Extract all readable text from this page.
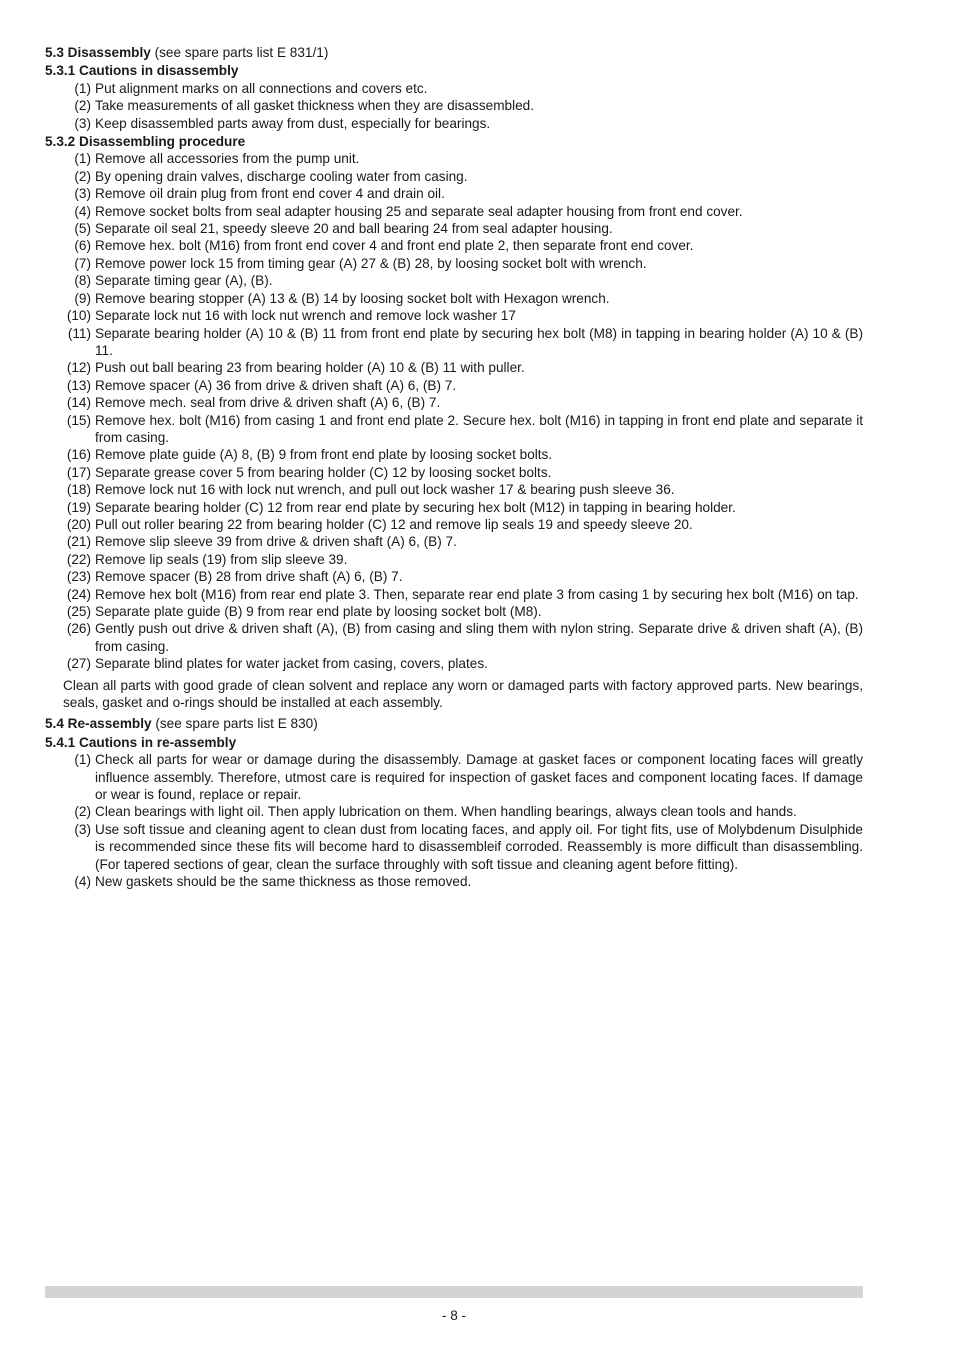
5.3 Disassembly (see spare parts list E 831/1)

5.3.1 Cautions in disassembly

(1) Put alignment marks on all connections and covers etc.
(2) Take measurements of all gasket thickness when they are disassembled.
(3) Keep disassembled parts away from dust, especially for bearings.

5.3.2 Disassembling procedure

(1) Remove all accessories from the pump unit.
(2) By opening drain valves, discharge cooling water from casing.
(3) Remove oil drain plug from front end cover 4 and drain oil.
(4) Remove socket bolts from seal adapter housing 25 and separate seal adapter housing from front end cover.
(5) Separate oil seal 21, speedy sleeve 20 and ball bearing 24 from seal adapter housing.
(6) Remove hex. bolt (M16) from front end cover 4 and front end plate 2, then separate front end cover.
(7) Remove power lock 15 from timing gear (A) 27 & (B) 28, by loosing socket bolt with wrench.
(8) Separate timing gear (A), (B).
(9) Remove bearing stopper (A) 13 & (B) 14 by loosing socket bolt with Hexagon wrench.
(10) Separate lock nut 16 with lock nut wrench and remove lock washer 17
(11) Separate bearing holder (A) 10 & (B) 11 from front end plate by securing hex bolt (M8) in tapping in bearing holder (A) 10 & (B) 11.
(12) Push out ball bearing 23 from bearing holder (A) 10 & (B) 11 with puller.
(13) Remove spacer (A) 36 from drive & driven shaft (A) 6, (B) 7.
(14) Remove mech. seal from drive & driven shaft (A) 6, (B) 7.
(15) Remove hex. bolt (M16) from casing 1 and front end plate 2. Secure hex. bolt (M16) in tapping in front end plate and separate it from casing.
(16) Remove plate guide (A) 8, (B) 9 from front end plate by loosing socket bolts.
(17) Separate grease cover 5 from bearing holder (C) 12 by loosing socket bolts.
(18) Remove lock nut 16 with lock nut wrench, and pull out lock washer 17 & bearing push sleeve 36.
(19) Separate bearing holder (C) 12 from rear end plate by securing hex bolt (M12) in tapping in bearing holder.
(20) Pull out roller bearing 22 from bearing holder (C) 12 and remove lip seals 19 and speedy sleeve 20.
(21) Remove slip sleeve 39 from drive & driven shaft (A) 6, (B) 7.
(22) Remove lip seals (19) from slip sleeve 39.
(23) Remove spacer (B) 28 from drive shaft (A) 6, (B) 7.
(24) Remove hex bolt (M16) from rear end plate 3. Then, separate rear end plate 3 from casing 1 by securing hex bolt (M16) on tap.
(25) Separate plate guide (B) 9 from rear end plate by loosing socket bolt (M8).
(26) Gently push out drive & driven shaft (A), (B) from casing and sling them with nylon string. Separate drive & driven shaft (A), (B) from casing.
(27) Separate blind plates for water jacket from casing, covers, plates.

Clean all parts with good grade of clean solvent and replace any worn or damaged parts with factory approved parts. New bearings, seals, gasket and o-rings should be installed at each assembly.

5.4 Re-assembly (see spare parts list E 830)

5.4.1 Cautions in re-assembly

(1) Check all parts for wear or damage during the disassembly. Damage at gasket faces or component locating faces will greatly influence assembly. Therefore, utmost care is required for inspection of gasket faces and component locating faces. If damage or wear is found, replace or repair.
(2) Clean bearings with light oil. Then apply lubrication on them. When handling bearings, always clean tools and hands.
(3) Use soft tissue and cleaning agent to clean dust from locating faces, and apply oil. For tight fits, use of Molybdenum Disulphide is recommended since these fits will become hard to disassembleif corroded. Reassembly is more difficult than disassembling. (For tapered sections of gear, clean the surface throughly with soft tissue and cleaning agent before fitting).
(4) New gaskets should be the same thickness as those removed.
- 8 -
